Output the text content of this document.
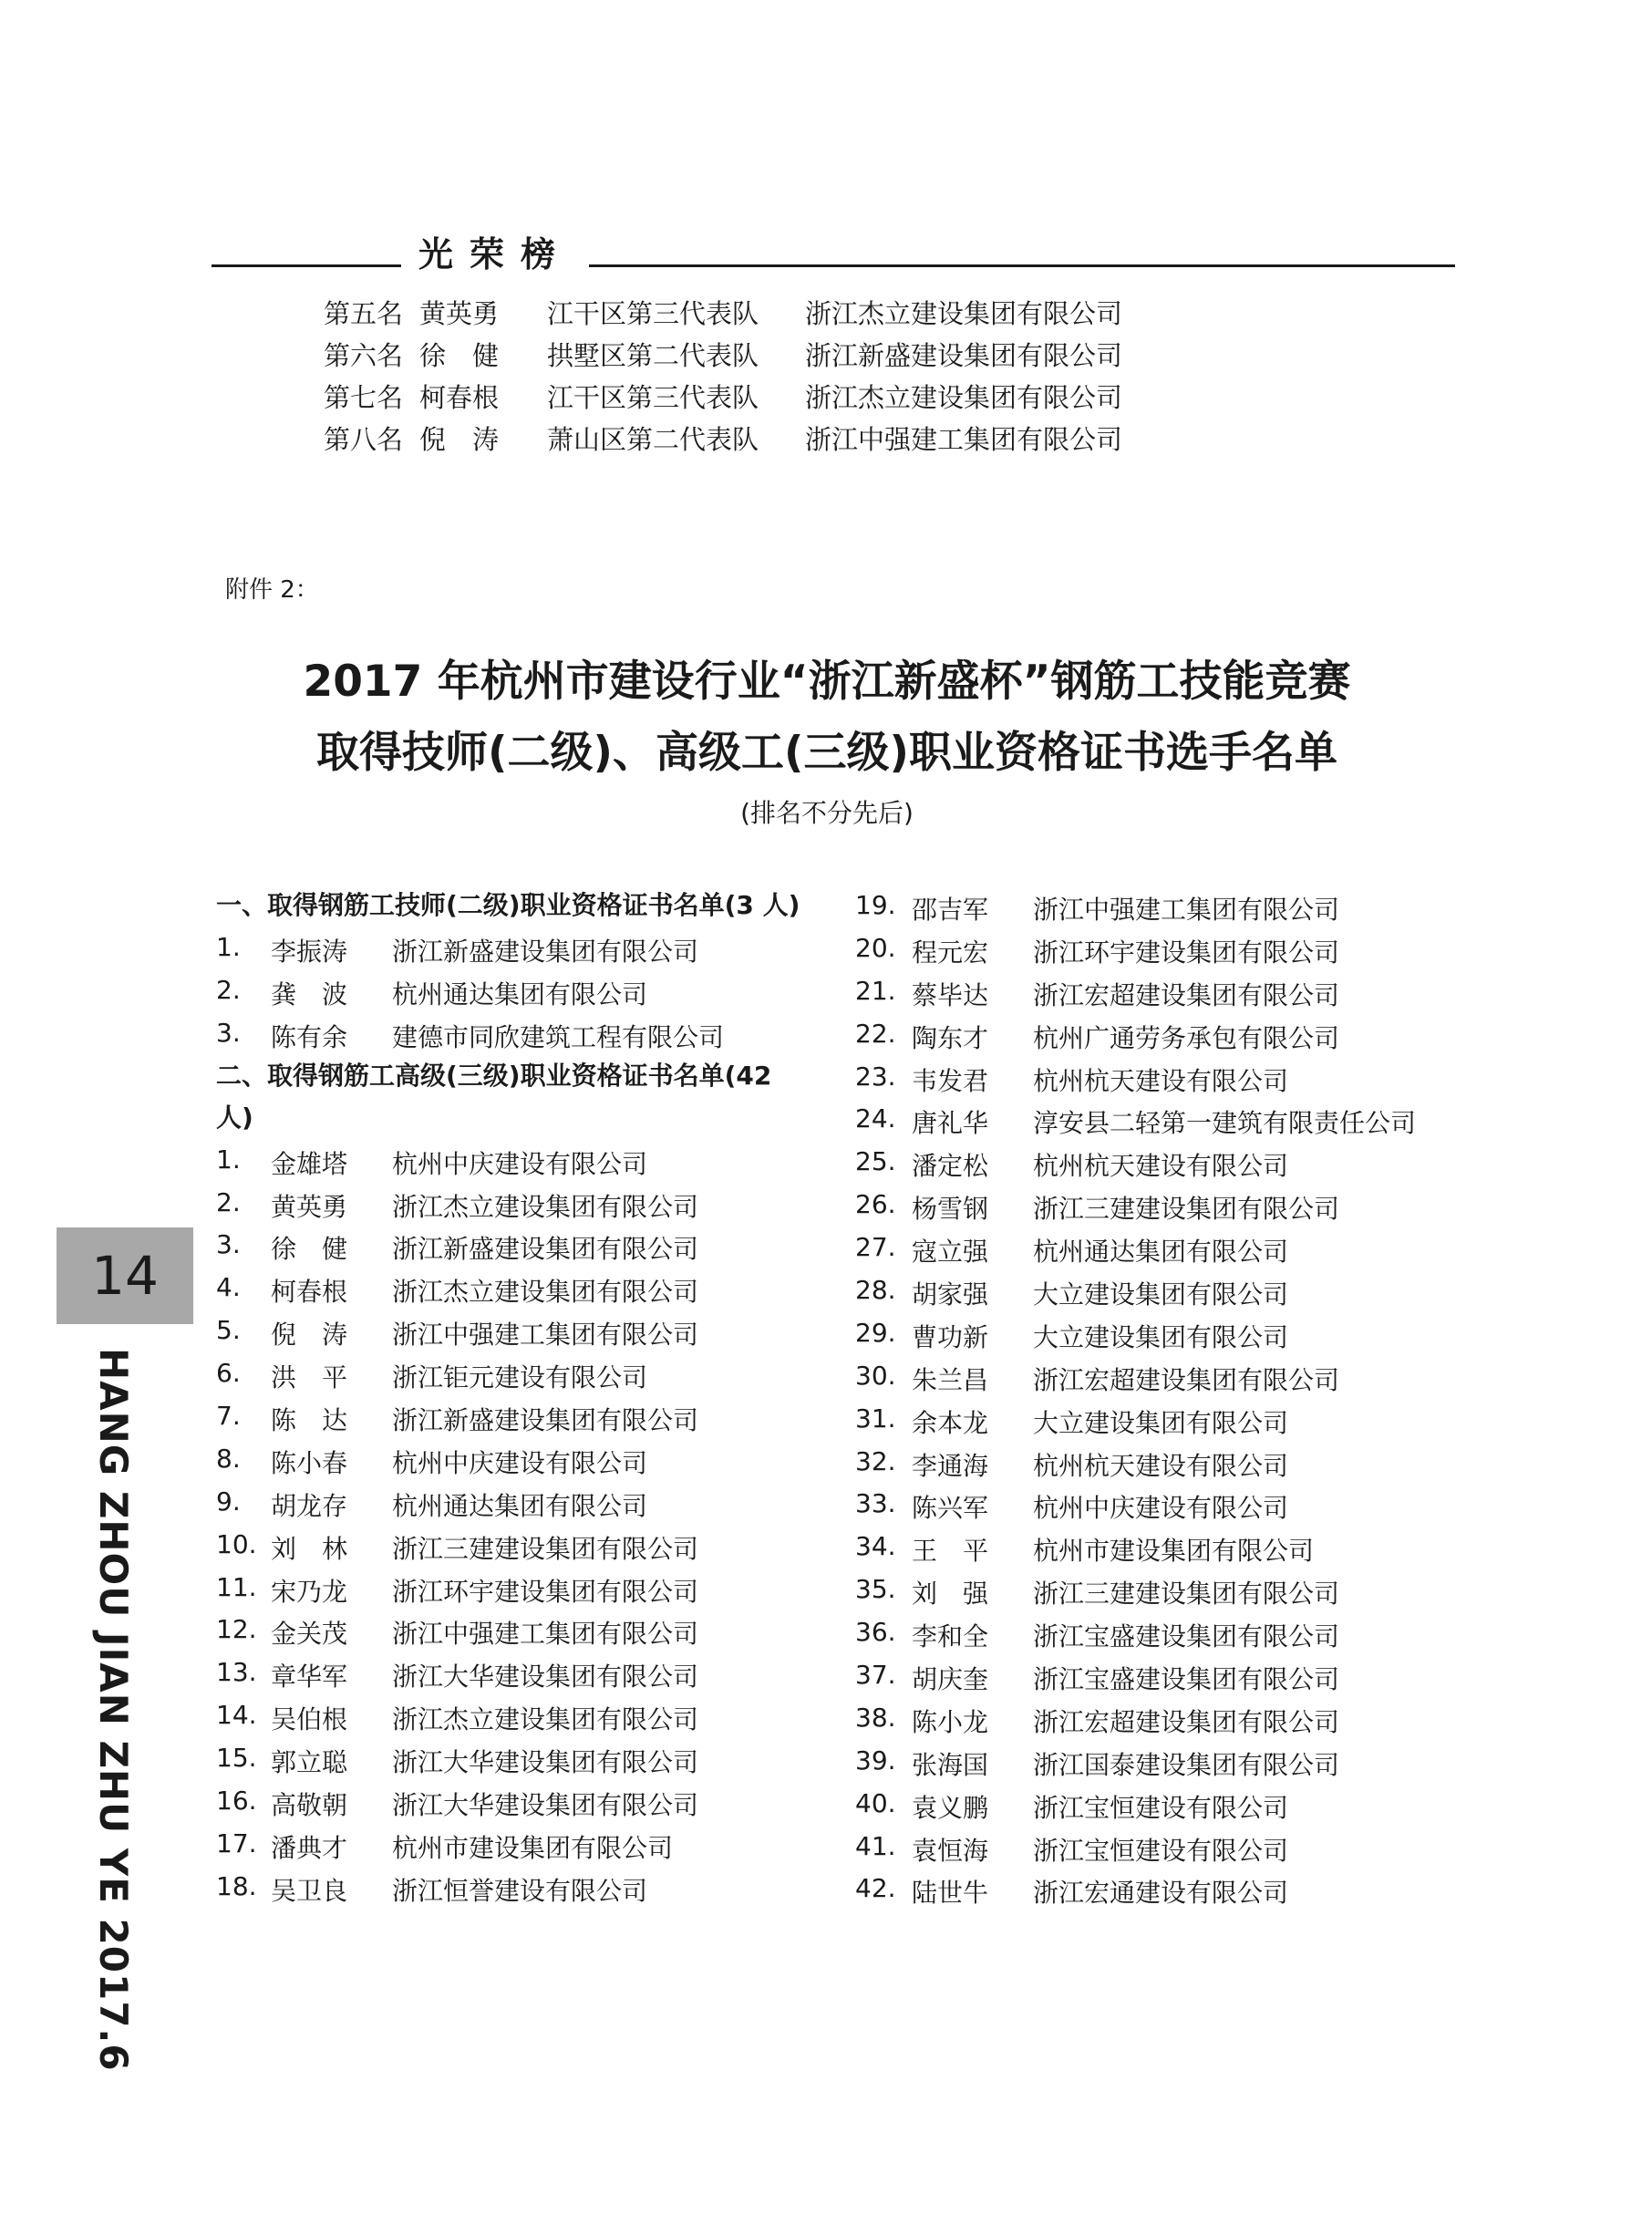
光荣榜
第五名 黄英勇 江干区第三代表队 浙江杰立建设集团有限公司
第六名 徐　健 拱墅区第二代表队 浙江新盛建设集团有限公司
第七名 柯春根 江干区第三代表队 浙江杰立建设集团有限公司
第八名 倪　涛 萧山区第二代表队 浙江中强建工集团有限公司
附件 2：
2017 年杭州市建设行业“浙江新盛杯”钢筋工技能竞赛
取得技师(二级)、高级工(三级)职业资格证书选手名单
(排名不分先后)
一、取得钢筋工技师(二级)职业资格证书名单(3 人)
1. 李振涛 浙江新盛建设集团有限公司
2. 龚　波 杭州通达集团有限公司
3. 陈有余 建德市同欣建筑工程有限公司
二、取得钢筋工高级(三级)职业资格证书名单(42 人)
1. 金雄塔 杭州中庆建设有限公司
2. 黄英勇 浙江杰立建设集团有限公司
3. 徐　健 浙江新盛建设集团有限公司
4. 柯春根 浙江杰立建设集团有限公司
5. 倪　涛 浙江中强建工集团有限公司
6. 洪　平 浙江钜元建设有限公司
7. 陈　达 浙江新盛建设集团有限公司
8. 陈小春 杭州中庆建设有限公司
9. 胡龙存 杭州通达集团有限公司
10. 刘　林 浙江三建建设集团有限公司
11. 宋乃龙 浙江环宇建设集团有限公司
12. 金关茂 浙江中强建工集团有限公司
13. 章华军 浙江大华建设集团有限公司
14. 吴伯根 浙江杰立建设集团有限公司
15. 郭立聪 浙江大华建设集团有限公司
16. 高敬朝 浙江大华建设集团有限公司
17. 潘典才 杭州市建设集团有限公司
18. 吴卫良 浙江恒誉建设有限公司
19. 邵吉军 浙江中强建工集团有限公司
20. 程元宏 浙江环宇建设集团有限公司
21. 蔡毕达 浙江宏超建设集团有限公司
22. 陶东才 杭州广通劳务承包有限公司
23. 韦发君 杭州杭天建设有限公司
24. 唐礼华 淳安县二轻第一建筑有限责任公司
25. 潘定松 杭州杭天建设有限公司
26. 杨雪钢 浙江三建建设集团有限公司
27. 寇立强 杭州通达集团有限公司
28. 胡家强 大立建设集团有限公司
29. 曹功新 大立建设集团有限公司
30. 朱兰昌 浙江宏超建设集团有限公司
31. 余本龙 大立建设集团有限公司
32. 李通海 杭州杭天建设有限公司
33. 陈兴军 杭州中庆建设有限公司
34. 王　平 杭州市建设集团有限公司
35. 刘　强 浙江三建建设集团有限公司
36. 李和全 浙江宝盛建设集团有限公司
37. 胡庆奎 浙江宝盛建设集团有限公司
38. 陈小龙 浙江宏超建设集团有限公司
39. 张海国 浙江国泰建设集团有限公司
40. 袁义鹏 浙江宝恒建设有限公司
41. 袁恒海 浙江宝恒建设有限公司
42. 陆世牛 浙江宏通建设有限公司
14
HANG ZHOU JIAN ZHU YE 2017.6
